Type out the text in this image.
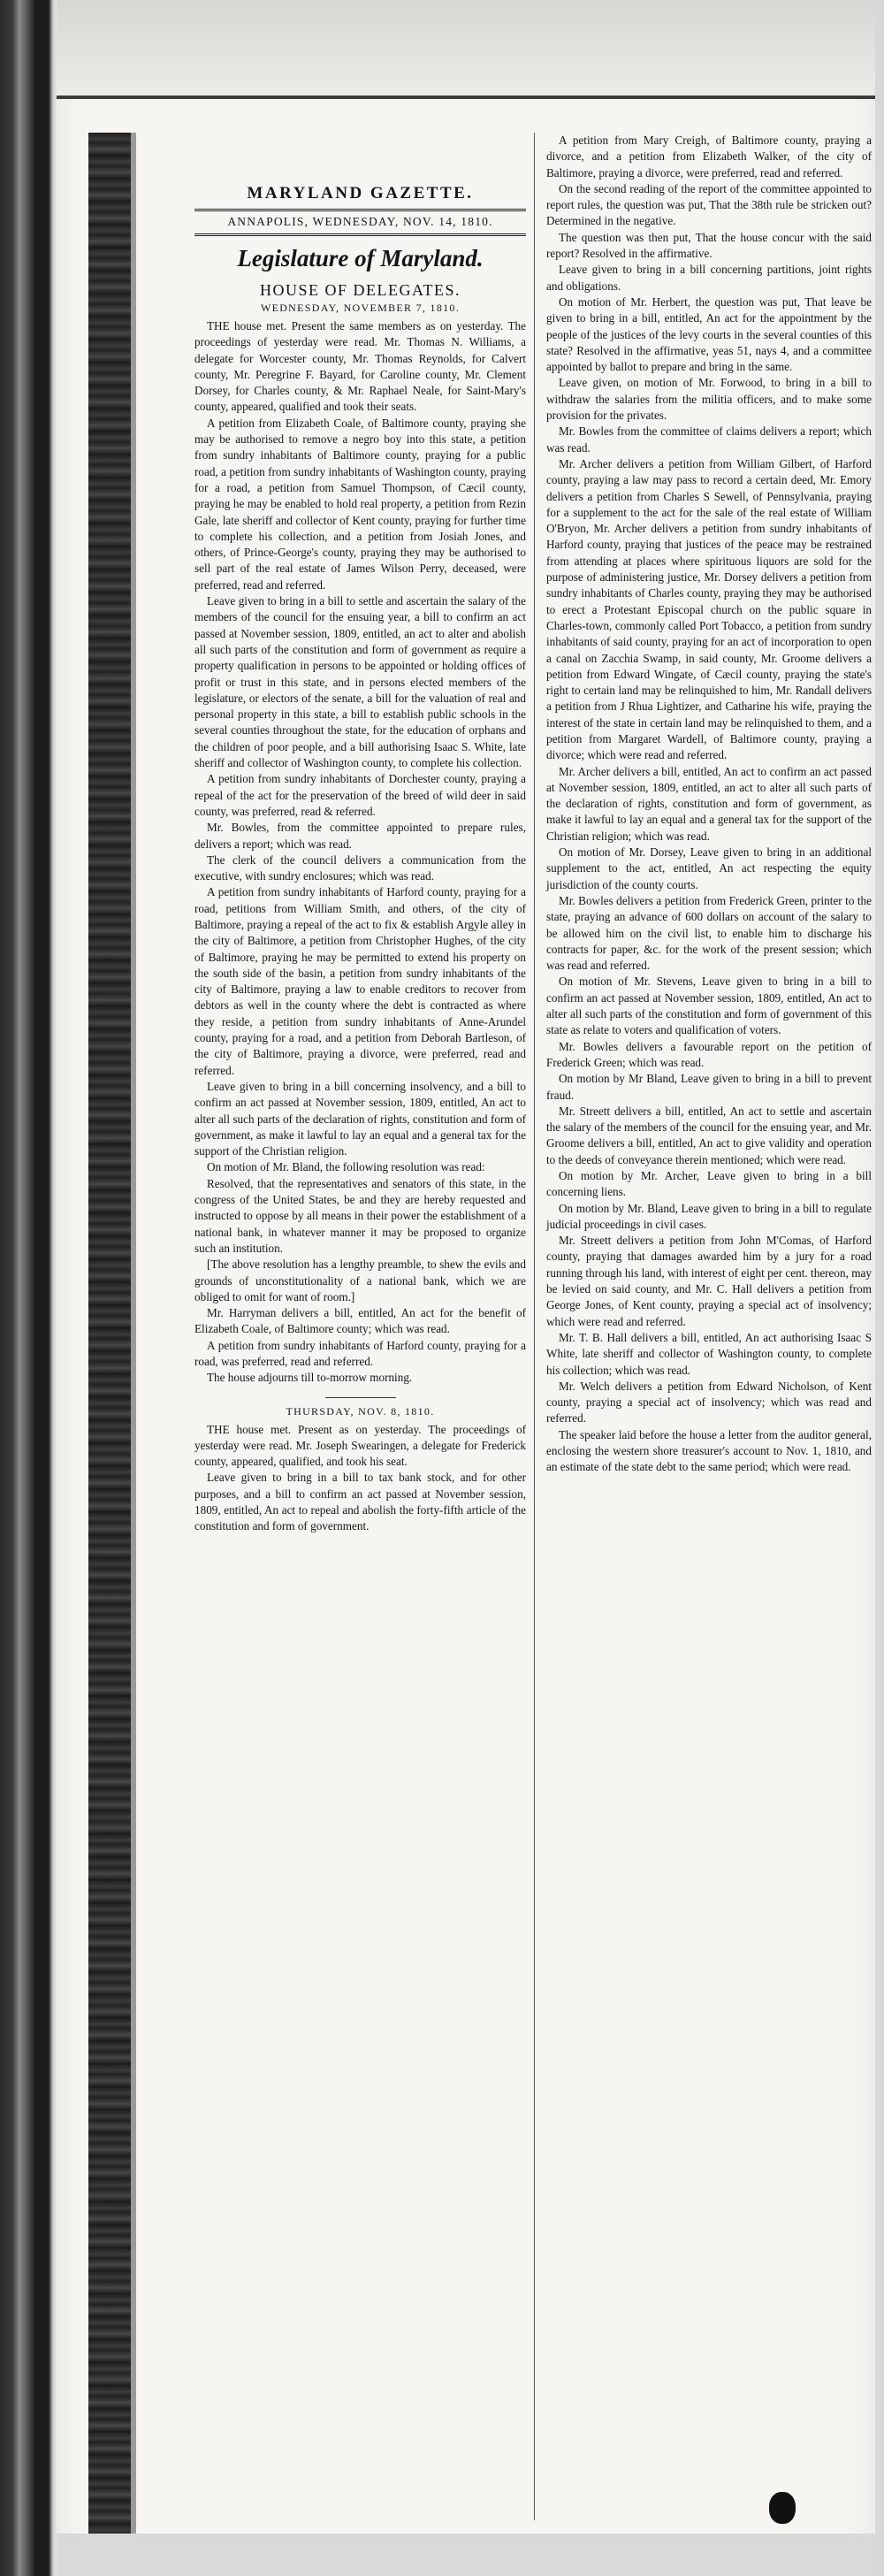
MARYLAND GAZETTE.
ANNAPOLIS, WEDNESDAY, NOV. 14, 1810.
Legislature of Maryland.
HOUSE OF DELEGATES.
WEDNESDAY, NOVEMBER 7, 1810.

THE house met. Present the same members as on yesterday. The proceedings of yesterday were read. Mr. Thomas N. Williams, a delegate for Worcester county, Mr. Thomas Reynolds, for Calvert county, Mr. Peregrine F. Bayard, for Caroline county, Mr. Clement Dorsey, for Charles county, & Mr. Raphael Neale, for Saint-Mary's county, appeared, qualified and took their seats.

A petition from Elizabeth Coale, of Baltimore county, praying she may be authorised to remove a negro boy into this state, a petition from sundry inhabitants of Baltimore county, praying for a public road, a petition from sundry inhabitants of Washington county, praying for a road, a petition from Samuel Thompson, of Cæcil county, praying he may be enabled to hold real property, a petition from Rezin Gale, late sheriff and collector of Kent county, praying for further time to complete his collection, and a petition from Josiah Jones, and others, of Prince-George's county, praying they may be authorised to sell part of the real estate of James Wilson Perry, deceased, were preferred, read and referred.

Leave given to bring in a bill to settle and ascertain the salary of the members of the council for the ensuing year, a bill to confirm an act passed at November session, 1809, entitled, an act to alter and abolish all such parts of the constitution and form of government as require a property qualification in persons to be appointed or holding offices of profit or trust in this state, and in persons elected members of the legislature, or electors of the senate, a bill for the valuation of real and personal property in this state, a bill to establish public schools in the several counties throughout the state, for the education of orphans and the children of poor people, and a bill authorising Isaac S. White, late sheriff and collector of Washington county, to complete his collection.

A petition from sundry inhabitants of Dorchester county, praying a repeal of the act for the preservation of the breed of wild deer in said county, was preferred, read & referred.

Mr. Bowles, from the committee appointed to prepare rules, delivers a report; which was read.

The clerk of the council delivers a communication from the executive, with sundry enclosures; which was read.

A petition from sundry inhabitants of Harford county, praying for a road, petitions from William Smith, and others, of the city of Baltimore, praying a repeal of the act to fix & establish Argyle alley in the city of Baltimore, a petition from Christopher Hughes, of the city of Baltimore, praying he may be permitted to extend his property on the south side of the basin, a petition from sundry inhabitants of the city of Baltimore, praying a law to enable creditors to recover from debtors as well in the county where the debt is contracted as where they reside, a petition from sundry inhabitants of Anne-Arundel county, praying for a road, and a petition from Deborah Bartleson, of the city of Baltimore, praying a divorce, were preferred, read and referred.

Leave given to bring in a bill concerning insolvency, and a bill to confirm an act passed at November session, 1809, entitled, An act to alter all such parts of the declaration of rights, constitution and form of government, as make it lawful to lay an equal and a general tax for the support of the Christian religion.

On motion of Mr. Bland, the following resolution was read:

Resolved, that the representatives and senators of this state, in the congress of the United States, be and they are hereby requested and instructed to oppose by all means in their power the establishment of a national bank, in whatever manner it may be proposed to organize such an institution.

[The above resolution has a lengthy preamble, to shew the evils and grounds of unconstitutionality of a national bank, which we are obliged to omit for want of room.]

Mr. Harryman delivers a bill, entitled, An act for the benefit of Elizabeth Coale, of Baltimore county; which was read.

A petition from sundry inhabitants of Harford county, praying for a road, was preferred, read and referred.

The house adjourns till to-morrow morning.

THURSDAY, NOV. 8, 1810.

THE house met. Present as on yesterday. The proceedings of yesterday were read. Mr. Joseph Swearingen, a delegate for Frederick county, appeared, qualified, and took his seat.

Leave given to bring in a bill to tax bank stock, and for other purposes, and a bill to confirm an act passed at November session, 1809, entitled, An act to repeal and abolish the forty-fifth article of the constitution and form of government.

A petition from Mary Creigh, of Baltimore county, praying a divorce, and a petition from Elizabeth Walker, of the city of Baltimore, praying a divorce, were preferred, read and referred.

On the second reading of the report of the committee appointed to report rules, the question was put, That the 38th rule be stricken out? Determined in the negative.

The question was then put, That the house concur with the said report? Resolved in the affirmative.

Leave given to bring in a bill concerning partitions, joint rights and obligations.

On motion of Mr. Herbert, the question was put, That leave be given to bring in a bill, entitled, An act for the appointment by the people of the justices of the levy courts in the several counties of this state? Resolved in the affirmative, yeas 51, nays 4, and a committee appointed by ballot to prepare and bring in the same.

Leave given, on motion of Mr. Forwood, to bring in a bill to withdraw the salaries from the militia officers, and to make some provision for the privates.

Mr. Bowles from the committee of claims delivers a report; which was read.

Mr. Archer delivers a petition from William Gilbert, of Harford county, praying a law may pass to record a certain deed, Mr. Emory delivers a petition from Charles S Sewell, of Pennsylvania, praying for a supplement to the act for the sale of the real estate of William O'Bryon, Mr. Archer delivers a petition from sundry inhabitants of Harford county, praying that justices of the peace may be restrained from attending at places where spirituous liquors are sold for the purpose of administering justice, Mr. Dorsey delivers a petition from sundry inhabitants of Charles county, praying they may be authorised to erect a Protestant Episcopal church on the public square in Charles-town, commonly called Port Tobacco, a petition from sundry inhabitants of said county, praying for an act of incorporation to open a canal on Zacchia Swamp, in said county, Mr. Groome delivers a petition from Edward Wingate, of Cæcil county, praying the state's right to certain land may be relinquished to him, Mr. Randall delivers a petition from J Rhua Lightizer, and Catharine his wife, praying the interest of the state in certain land may be relinquished to them, and a petition from Margaret Wardell, of Baltimore county, praying a divorce; which were read and referred.

Mr. Archer delivers a bill, entitled, An act to confirm an act passed at November session, 1809, entitled, an act to alter all such parts of the declaration of rights, constitution and form of government, as make it lawful to lay an equal and a general tax for the support of the Christian religion; which was read.

On motion of Mr. Dorsey, Leave given to bring in an additional supplement to the act, entitled, An act respecting the equity jurisdiction of the county courts.

Mr. Bowles delivers a petition from Frederick Green, printer to the state, praying an advance of 600 dollars on account of the salary to be allowed him on the civil list, to enable him to discharge his contracts for paper, &c. for the work of the present session; which was read and referred.

On motion of Mr. Stevens, Leave given to bring in a bill to confirm an act passed at November session, 1809, entitled, An act to alter all such parts of the constitution and form of government of this state as relate to voters and qualification of voters.

Mr. Bowles delivers a favourable report on the petition of Frederick Green; which was read.

On motion by Mr Bland, Leave given to bring in a bill to prevent fraud.

Mr. Streett delivers a bill, entitled, An act to settle and ascertain the salary of the members of the council for the ensuing year, and Mr. Groome delivers a bill, entitled, An act to give validity and operation to the deeds of conveyance therein mentioned; which were read.

On motion by Mr. Archer, Leave given to bring in a bill concerning liens.

On motion by Mr. Bland, Leave given to bring in a bill to regulate judicial proceedings in civil cases.

Mr. Streett delivers a petition from John M'Comas, of Harford county, praying that damages awarded him by a jury for a road running through his land, with interest of eight per cent. thereon, may be levied on said county, and Mr. C. Hall delivers a petition from George Jones, of Kent county, praying a special act of insolvency; which were read and referred.

Mr. T. B. Hall delivers a bill, entitled, An act authorising Isaac S White, late sheriff and collector of Washington county, to complete his collection; which was read.

Mr. Welch delivers a petition from Edward Nicholson, of Kent county, praying a special act of insolvency; which was read and referred.

The speaker laid before the house a letter from the auditor general, enclosing the western shore treasurer's account to Nov. 1, 1810, and an estimate of the state debt to the same period; which were read.
